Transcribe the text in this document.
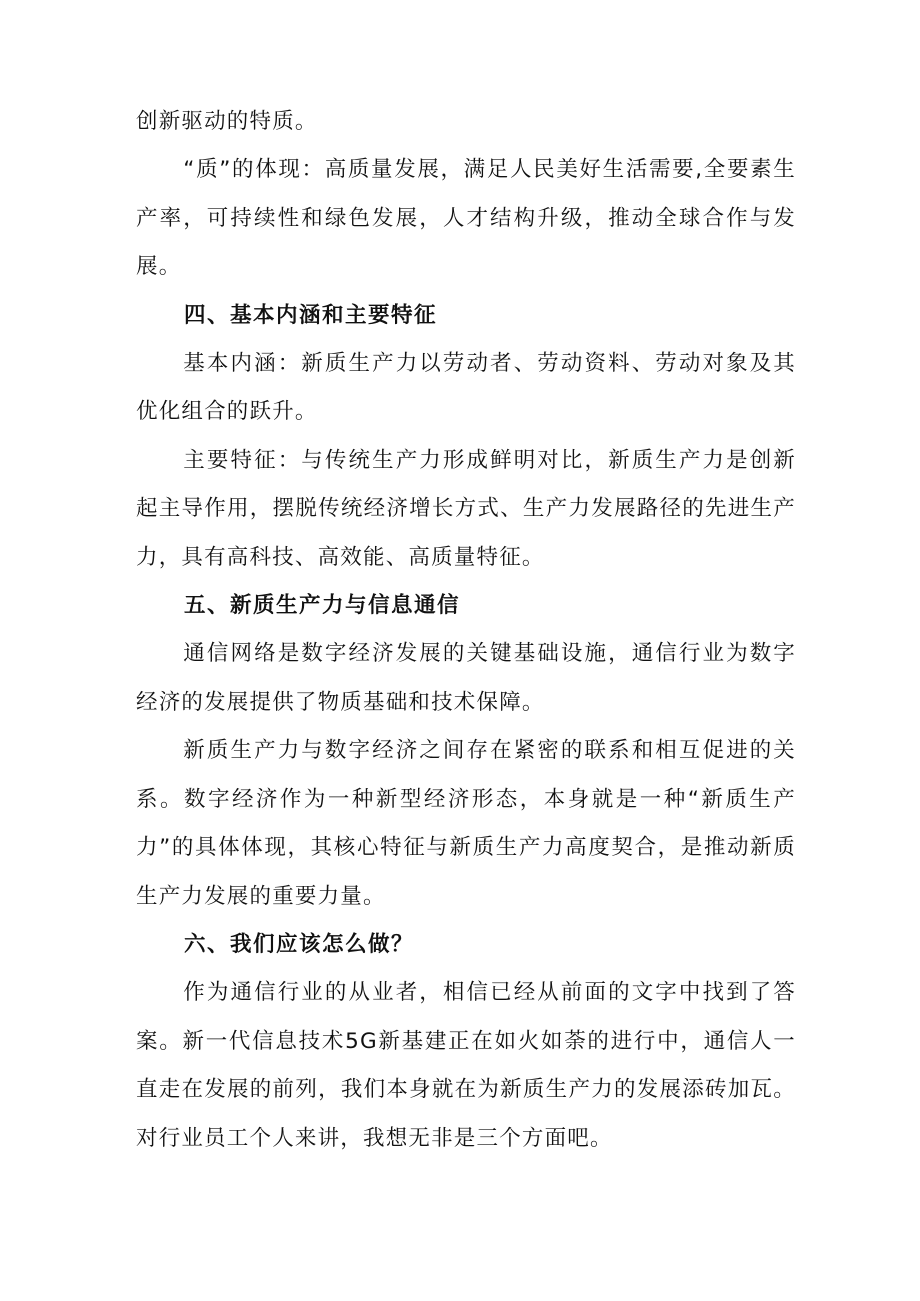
创新驱动的特质。

“质”的体现：高质量发展，满足人民美好生活需要,全要素生产率，可持续性和绿色发展，人才结构升级，推动全球合作与发展。

四、基本内涵和主要特征

基本内涵：新质生产力以劳动者、劳动资料、劳动对象及其优化组合的跃升。

主要特征：与传统生产力形成鲜明对比，新质生产力是创新起主导作用，摆脱传统经济增长方式、生产力发展路径的先进生产力，具有高科技、高效能、高质量特征。

五、新质生产力与信息通信

通信网络是数字经济发展的关键基础设施，通信行业为数字经济的发展提供了物质基础和技术保障。

新质生产力与数字经济之间存在紧密的联系和相互促进的关系。数字经济作为一种新型经济形态，本身就是一种“新质生产力”的具体体现，其核心特征与新质生产力高度契合，是推动新质生产力发展的重要力量。

六、我们应该怎么做？

作为通信行业的从业者，相信已经从前面的文字中找到了答案。新一代信息技术5G新基建正在如火如荼的进行中，通信人一直走在发展的前列，我们本身就在为新质生产力的发展添砖加瓦。对行业员工个人来讲，我想无非是三个方面吧。
